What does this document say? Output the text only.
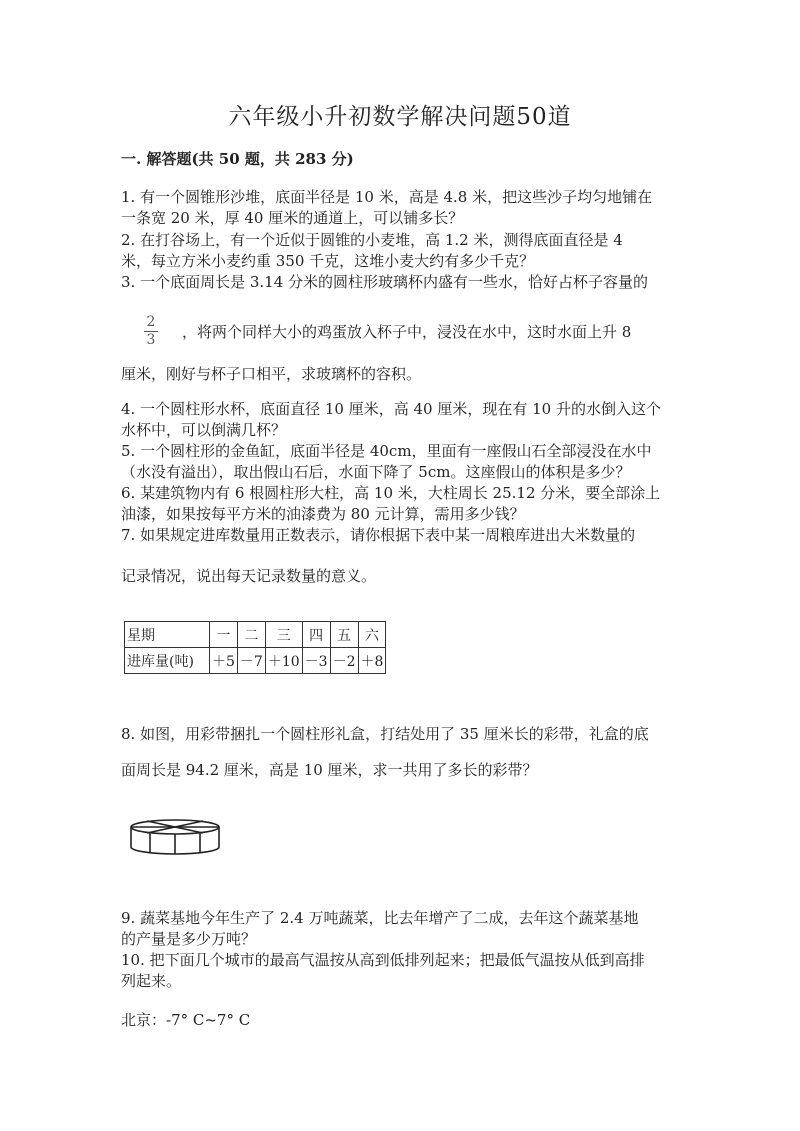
六年级小升初数学解决问题50道
一. 解答题(共 50 题，共 283 分)
1. 有一个圆锥形沙堆，底面半径是 10 米，高是 4.8 米，把这些沙子均匀地铺在
一条宽 20 米，厚 40 厘米的通道上，可以铺多长？
2. 在打谷场上，有一个近似于圆锥的小麦堆，高 1.2 米，测得底面直径是 4
米，每立方米小麦约重 350 千克，这堆小麦大约有多少千克？
3. 一个底面周长是 3.14 分米的圆柱形玻璃杯内盛有一些水，恰好占杯子容量的
2
3 ，将两个同样大小的鸡蛋放入杯子中，浸没在水中，这时水面上升 8
厘米，刚好与杯子口相平，求玻璃杯的容积。
4. 一个圆柱形水杯，底面直径 10 厘米，高 40 厘米，现在有 10 升的水倒入这个
水杯中，可以倒满几杯？
5. 一个圆柱形的金鱼缸，底面半径是 40cm，里面有一座假山石全部浸没在水中
（水没有溢出），取出假山石后，水面下降了 5cm。这座假山的体积是多少？
6. 某建筑物内有 6 根圆柱形大柱，高 10 米，大柱周长 25.12 分米，要全部涂上
油漆，如果按每平方米的油漆费为 80 元计算，需用多少钱？
7. 如果规定进库数量用正数表示，请你根据下表中某一周粮库进出大米数量的
记录情况，说出每天记录数量的意义。
星期	一	二	三	四	五	六
进库量(吨)	＋5	－7	＋10	－3	－2	＋8
8. 如图，用彩带捆扎一个圆柱形礼盒，打结处用了 35 厘米长的彩带，礼盒的底
面周长是 94.2 厘米，高是 10 厘米，求一共用了多长的彩带？
9. 蔬菜基地今年生产了 2.4 万吨蔬菜，比去年增产了二成，去年这个蔬菜基地
的产量是多少万吨？
10. 把下面几个城市的最高气温按从高到低排列起来；把最低气温按从低到高排
列起来。
北京：-7° C~7° C
